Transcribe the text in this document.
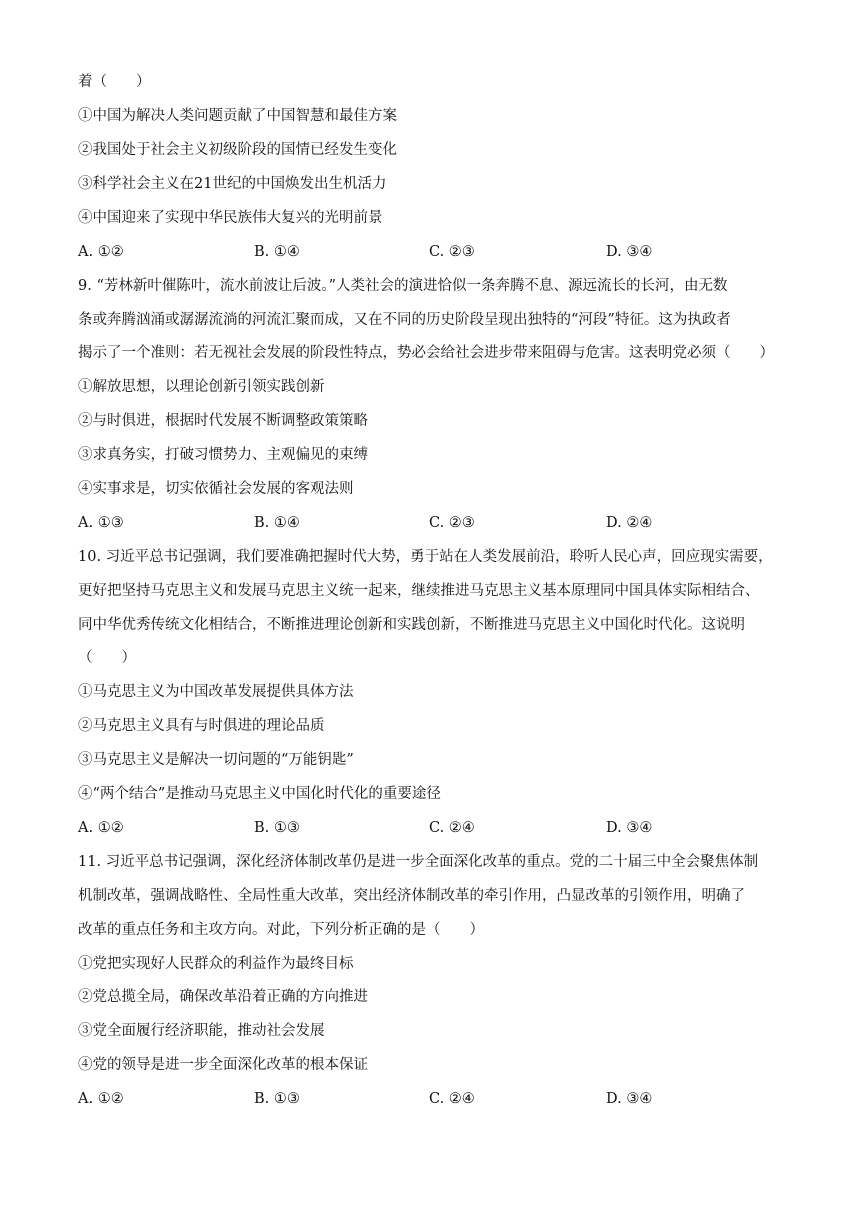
着（　　）
①中国为解决人类问题贡献了中国智慧和最佳方案
②我国处于社会主义初级阶段的国情已经发生变化
③科学社会主义在21世纪的中国焕发出生机活力
④中国迎来了实现中华民族伟大复兴的光明前景
A. ①②	B. ①④	C. ②③	D. ③④
9. “芳林新叶催陈叶，流水前波让后波。”人类社会的演进恰似一条奔腾不息、源远流长的长河，由无数
条或奔腾汹涌或潺潺流淌的河流汇聚而成，又在不同的历史阶段呈现出独特的“河段”特征。这为执政者
揭示了一个准则：若无视社会发展的阶段性特点，势必会给社会进步带来阻碍与危害。这表明党必须（　　）
①解放思想，以理论创新引领实践创新
②与时俱进，根据时代发展不断调整政策策略
③求真务实，打破习惯势力、主观偏见的束缚
④实事求是，切实依循社会发展的客观法则
A. ①③	B. ①④	C. ②③	D. ②④
10. 习近平总书记强调，我们要准确把握时代大势，勇于站在人类发展前沿，聆听人民心声，回应现实需要，
更好把坚持马克思主义和发展马克思主义统一起来，继续推进马克思主义基本原理同中国具体实际相结合、
同中华优秀传统文化相结合，不断推进理论创新和实践创新，不断推进马克思主义中国化时代化。这说明
（　　）
①马克思主义为中国改革发展提供具体方法
②马克思主义具有与时俱进的理论品质
③马克思主义是解决一切问题的“万能钥匙”
④“两个结合”是推动马克思主义中国化时代化的重要途径
A. ①②	B. ①③	C. ②④	D. ③④
11. 习近平总书记强调，深化经济体制改革仍是进一步全面深化改革的重点。党的二十届三中全会聚焦体制
机制改革，强调战略性、全局性重大改革，突出经济体制改革的牵引作用，凸显改革的引领作用，明确了
改革的重点任务和主攻方向。对此，下列分析正确的是（　　）
①党把实现好人民群众的利益作为最终目标
②党总揽全局，确保改革沿着正确的方向推进
③党全面履行经济职能，推动社会发展
④党的领导是进一步全面深化改革的根本保证
A. ①②	B. ①③	C. ②④	D. ③④
